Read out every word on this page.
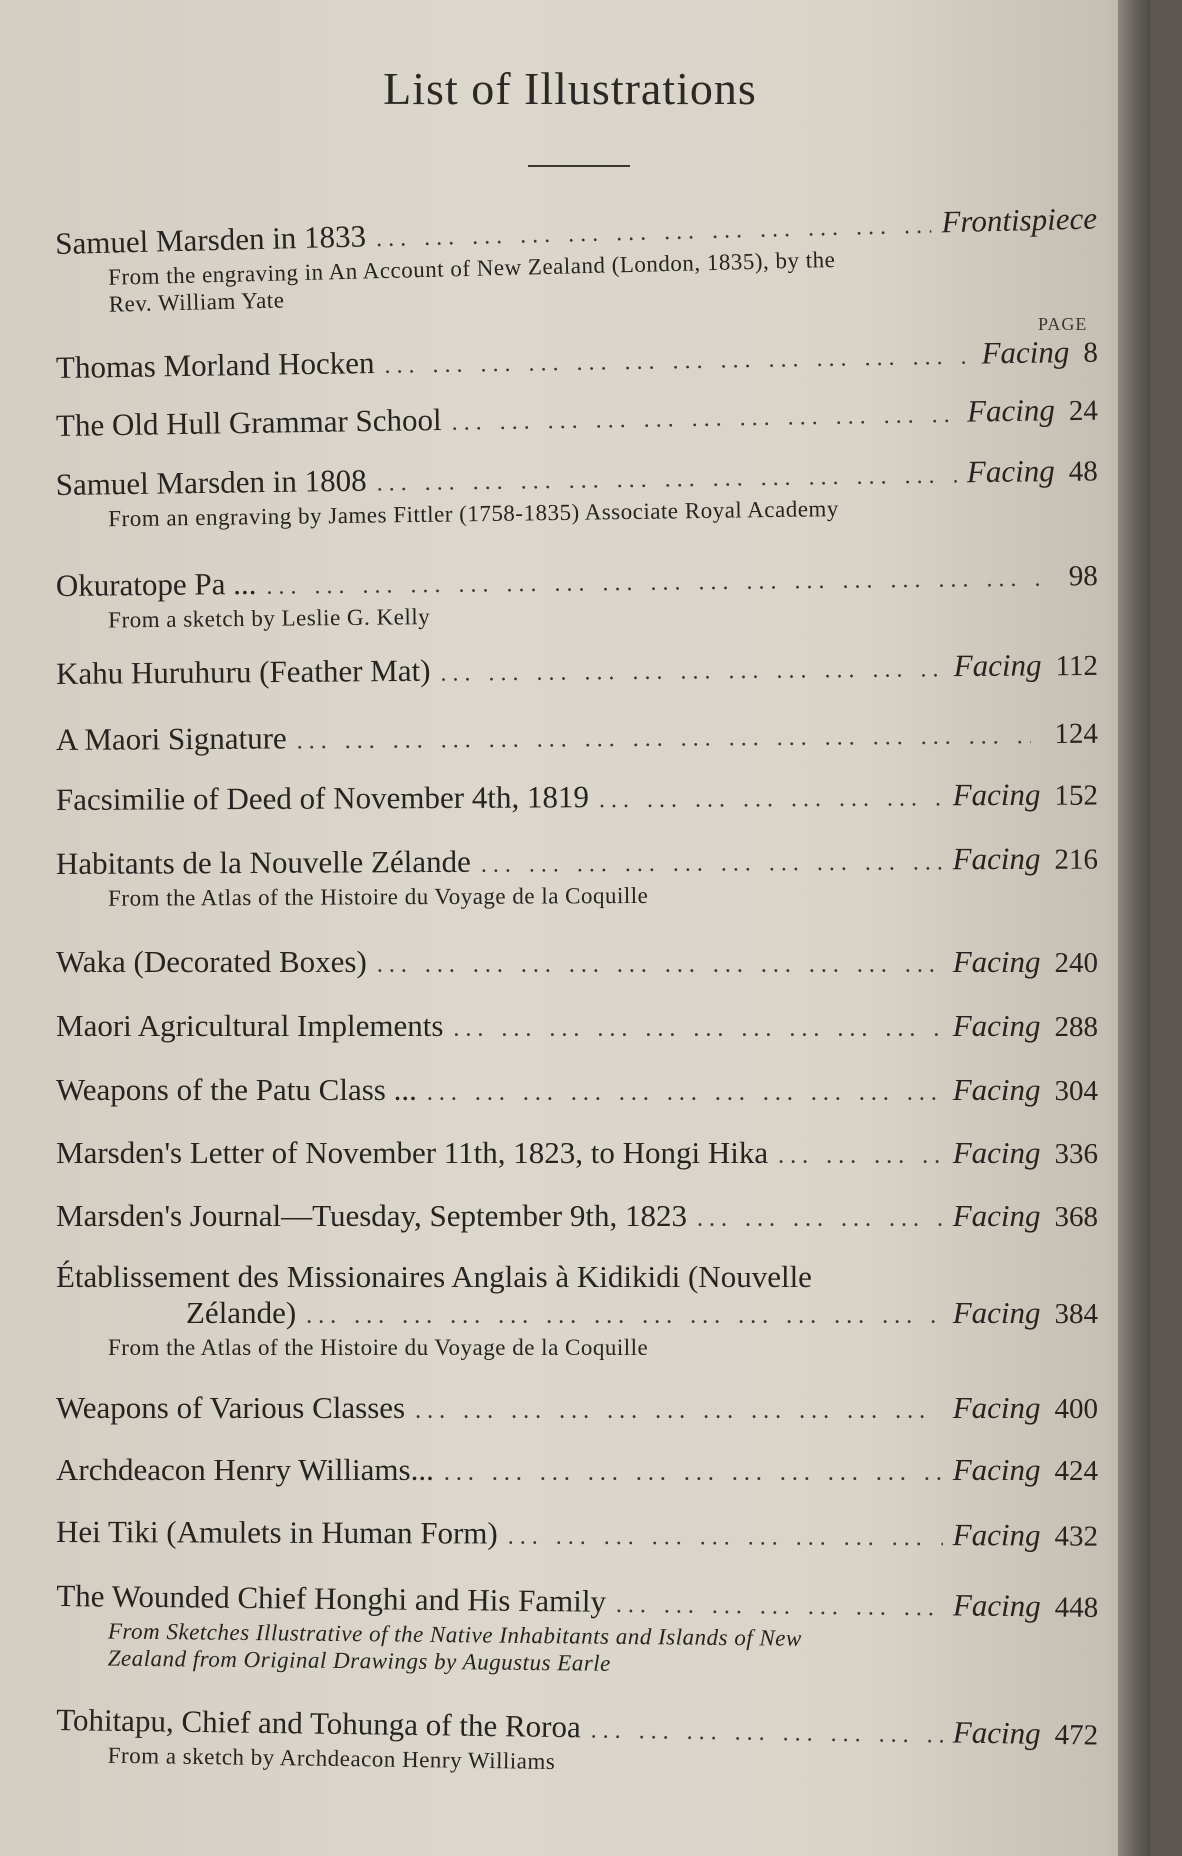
List of Illustrations
PAGE
Samuel Marsden in 1833 ... .	Frontispiece
From the engraving in An Account of New Zealand (London, 1835), by the
Rev. William Yate
Thomas Morland Hocken ... .	Facing 8
The Old Hull Grammar School ... .	Facing 24
Samuel Marsden in 1808 ... .	Facing 48
From an engraving by James Fittler (1758-1835) Associate Royal Academy
Okuratope Pa ... ... .	98
From a sketch by Leslie G. Kelly
Kahu Huruhuru (Feather Mat) ... .	Facing 112
A Maori Signature ... .	124
Facsimilie of Deed of November 4th, 1819 ... .	Facing 152
Habitants de la Nouvelle Zélande ... .	Facing 216
From the Atlas of the Histoire du Voyage de la Coquille
Waka (Decorated Boxes) ... .	Facing 240
Maori Agricultural Implements ... .	Facing 288
Weapons of the Patu Class ... ... .	Facing 304
Marsden's Letter of November 11th, 1823, to Hongi Hika ... .	Facing 336
Marsden's Journal—Tuesday, September 9th, 1823 ... .	Facing 368
Établissement des Missionaires Anglais à Kidikidi (Nouvelle
Zélande) ... .	Facing 384
From the Atlas of the Histoire du Voyage de la Coquille
Weapons of Various Classes ... .	Facing 400
Archdeacon Henry Williams... ... .	Facing 424
Hei Tiki (Amulets in Human Form) ... .	Facing 432
The Wounded Chief Honghi and His Family ... .	Facing 448
From Sketches Illustrative of the Native Inhabitants and Islands of New
Zealand from Original Drawings by Augustus Earle
Tohitapu, Chief and Tohunga of the Roroa ... .	Facing 472
From a sketch by Archdeacon Henry Williams
